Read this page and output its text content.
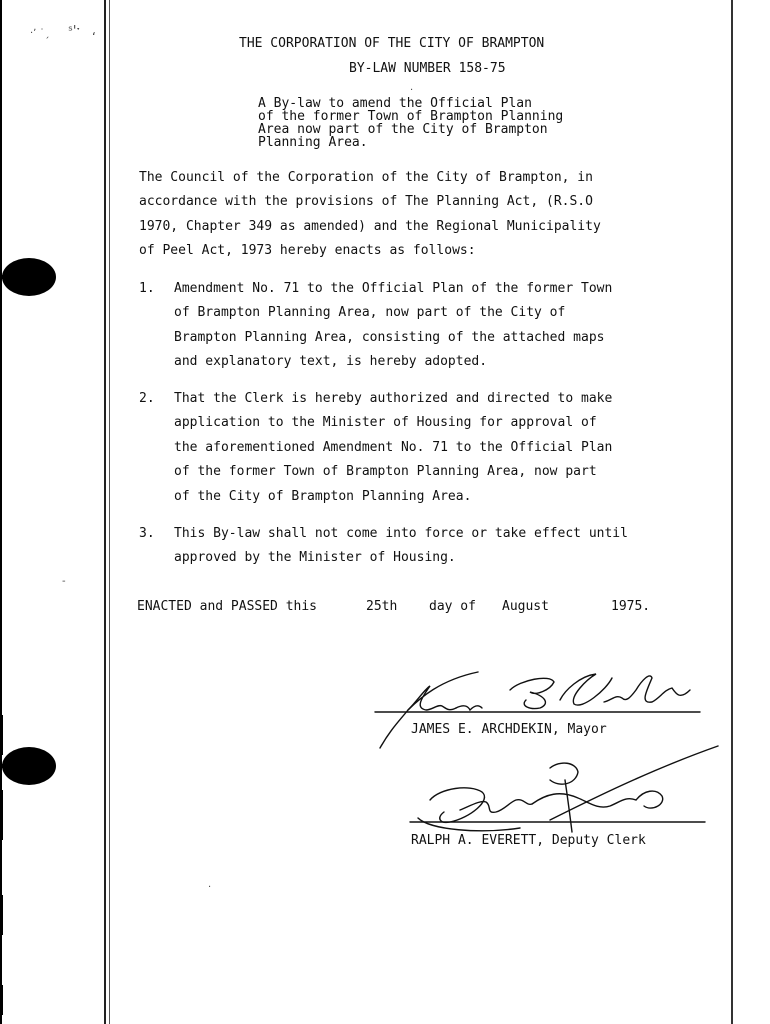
·ʼ ˙ˏ ˢ'ˑ ʻ
-
THE CORPORATION OF THE CITY OF BRAMPTON
BY-LAW NUMBER 158-75
.
A By-law to amend the Official Plan
of the former Town of Brampton Planning
Area now part of the City of Brampton
Planning Area.
The Council of the Corporation of the City of Brampton, in
accordance with the provisions of The Planning Act, (R.S.O
1970, Chapter 349 as amended) and the Regional Municipality
of Peel Act, 1973 hereby enacts as follows:
1. Amendment No. 71 to the Official Plan of the former Town
of Brampton Planning Area, now part of the City of
Brampton Planning Area, consisting of the attached maps
and explanatory text, is hereby adopted.
2. That the Clerk is hereby authorized and directed to make
application to the Minister of Housing for approval of
the aforementioned Amendment No. 71 to the Official Plan
of the former Town of Brampton Planning Area, now part
of the City of Brampton Planning Area.
3. This By-law shall not come into force or take effect until
approved by the Minister of Housing.
ENACTED and PASSED this	25th day of August	1975.
JAMES E. ARCHDEKIN, Mayor
RALPH A. EVERETT, Deputy Clerk
·
